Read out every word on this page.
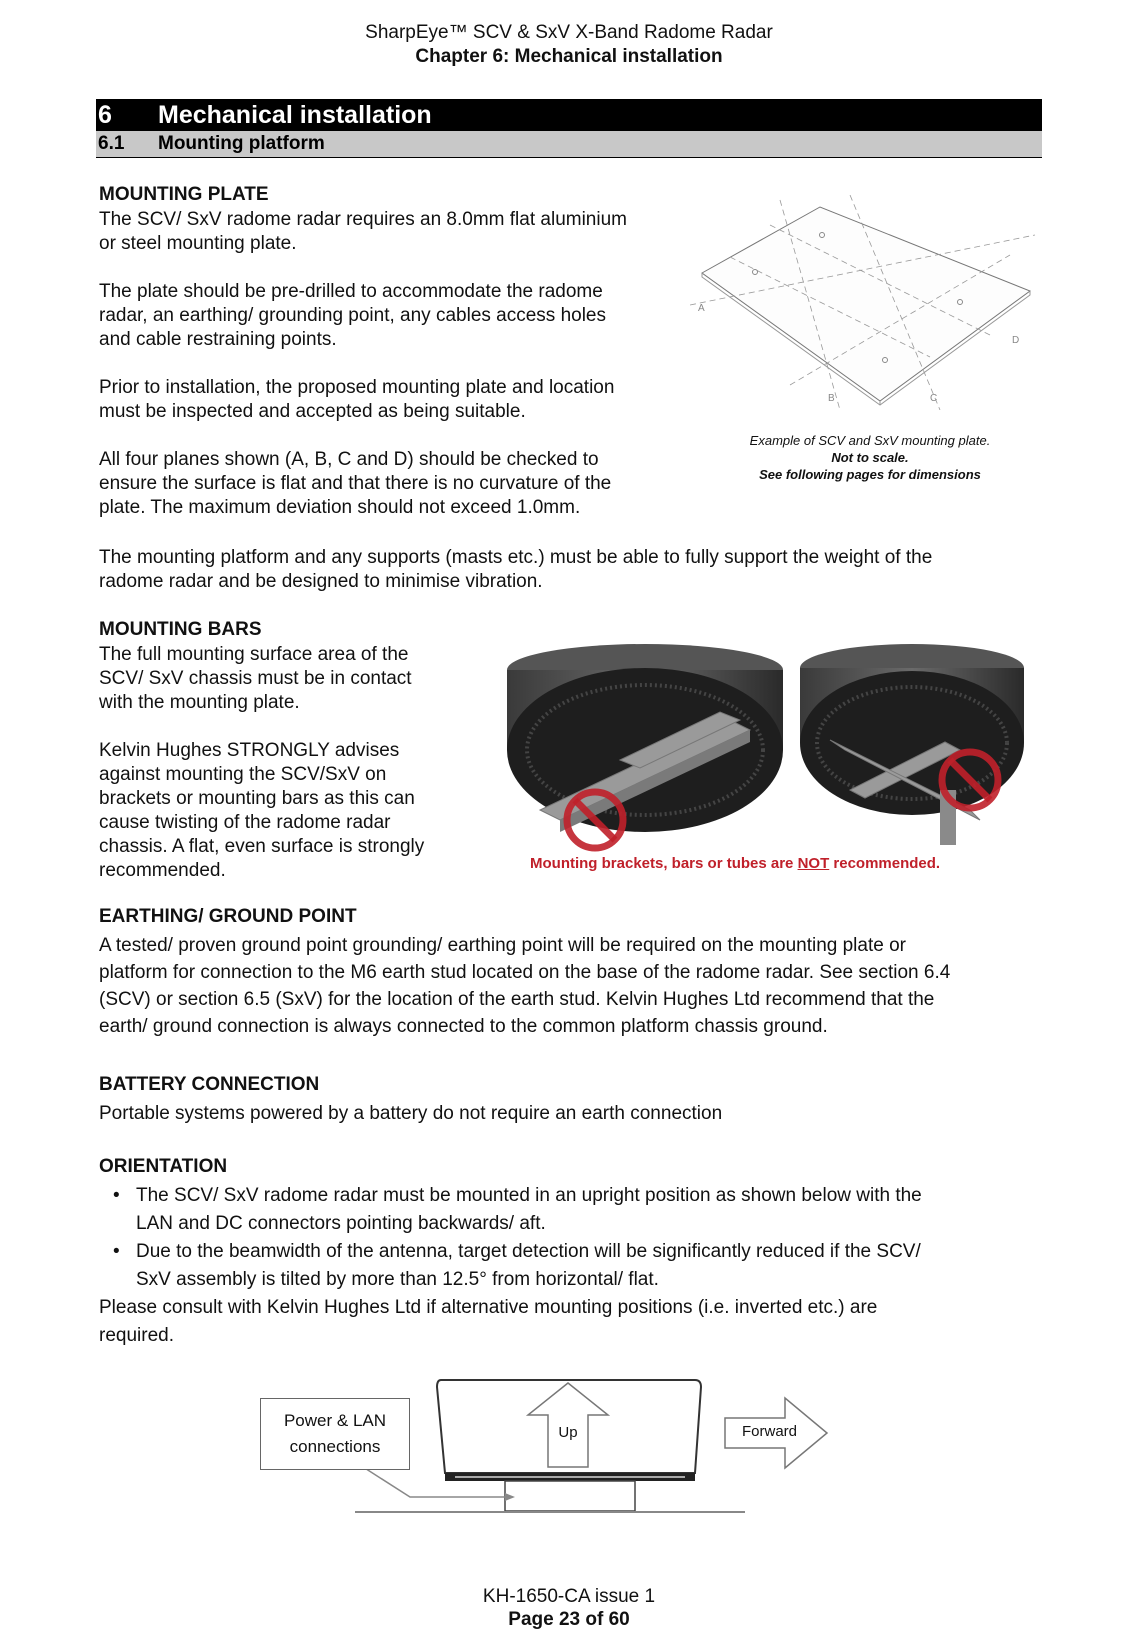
SharpEye™ SCV & SxV X-Band Radome Radar
Chapter 6: Mechanical installation
6 Mechanical installation
6.1 Mounting platform
MOUNTING PLATE
The SCV/ SxV radome radar requires an 8.0mm flat aluminium
or steel mounting plate.
The plate should be pre-drilled to accommodate the radome
radar, an earthing/ grounding point, any cables access holes
and cable restraining points.
Prior to installation, the proposed mounting plate and location
must be inspected and accepted as being suitable.
All four planes shown (A, B, C and D) should be checked to
ensure the surface is flat and that there is no curvature of the
plate. The maximum deviation should not exceed 1.0mm.
A
B	C
D
Example of SCV and SxV mounting plate.
Not to scale.
See following pages for dimensions
The mounting platform and any supports (masts etc.) must be able to fully support the weight of the
radome radar and be designed to minimise vibration.
MOUNTING BARS
The full mounting surface area of the
SCV/ SxV chassis must be in contact
with the mounting plate.
Kelvin Hughes STRONGLY advises
against mounting the SCV/SxV on
brackets or mounting bars as this can
cause twisting of the radome radar
chassis. A flat, even surface is strongly
recommended.	Mounting brackets, bars or tubes are NOT recommended.
EARTHING/ GROUND POINT
A tested/ proven ground point grounding/ earthing point will be required on the mounting plate or
platform for connection to the M6 earth stud located on the base of the radome radar. See section 6.4
(SCV) or section 6.5 (SxV) for the location of the earth stud. Kelvin Hughes Ltd recommend that the
earth/ ground connection is always connected to the common platform chassis ground.
BATTERY CONNECTION
Portable systems powered by a battery do not require an earth connection
ORIENTATION
• The SCV/ SxV radome radar must be mounted in an upright position as shown below with the
LAN and DC connectors pointing backwards/ aft.
• Due to the beamwidth of the antenna, target detection will be significantly reduced if the SCV/
SxV assembly is tilted by more than 12.5° from horizontal/ flat.
Please consult with Kelvin Hughes Ltd if alternative mounting positions (i.e. inverted etc.) are
required.
Power & LAN
connections
Up	Forward
KH-1650-CA issue 1
Page 23 of 60
